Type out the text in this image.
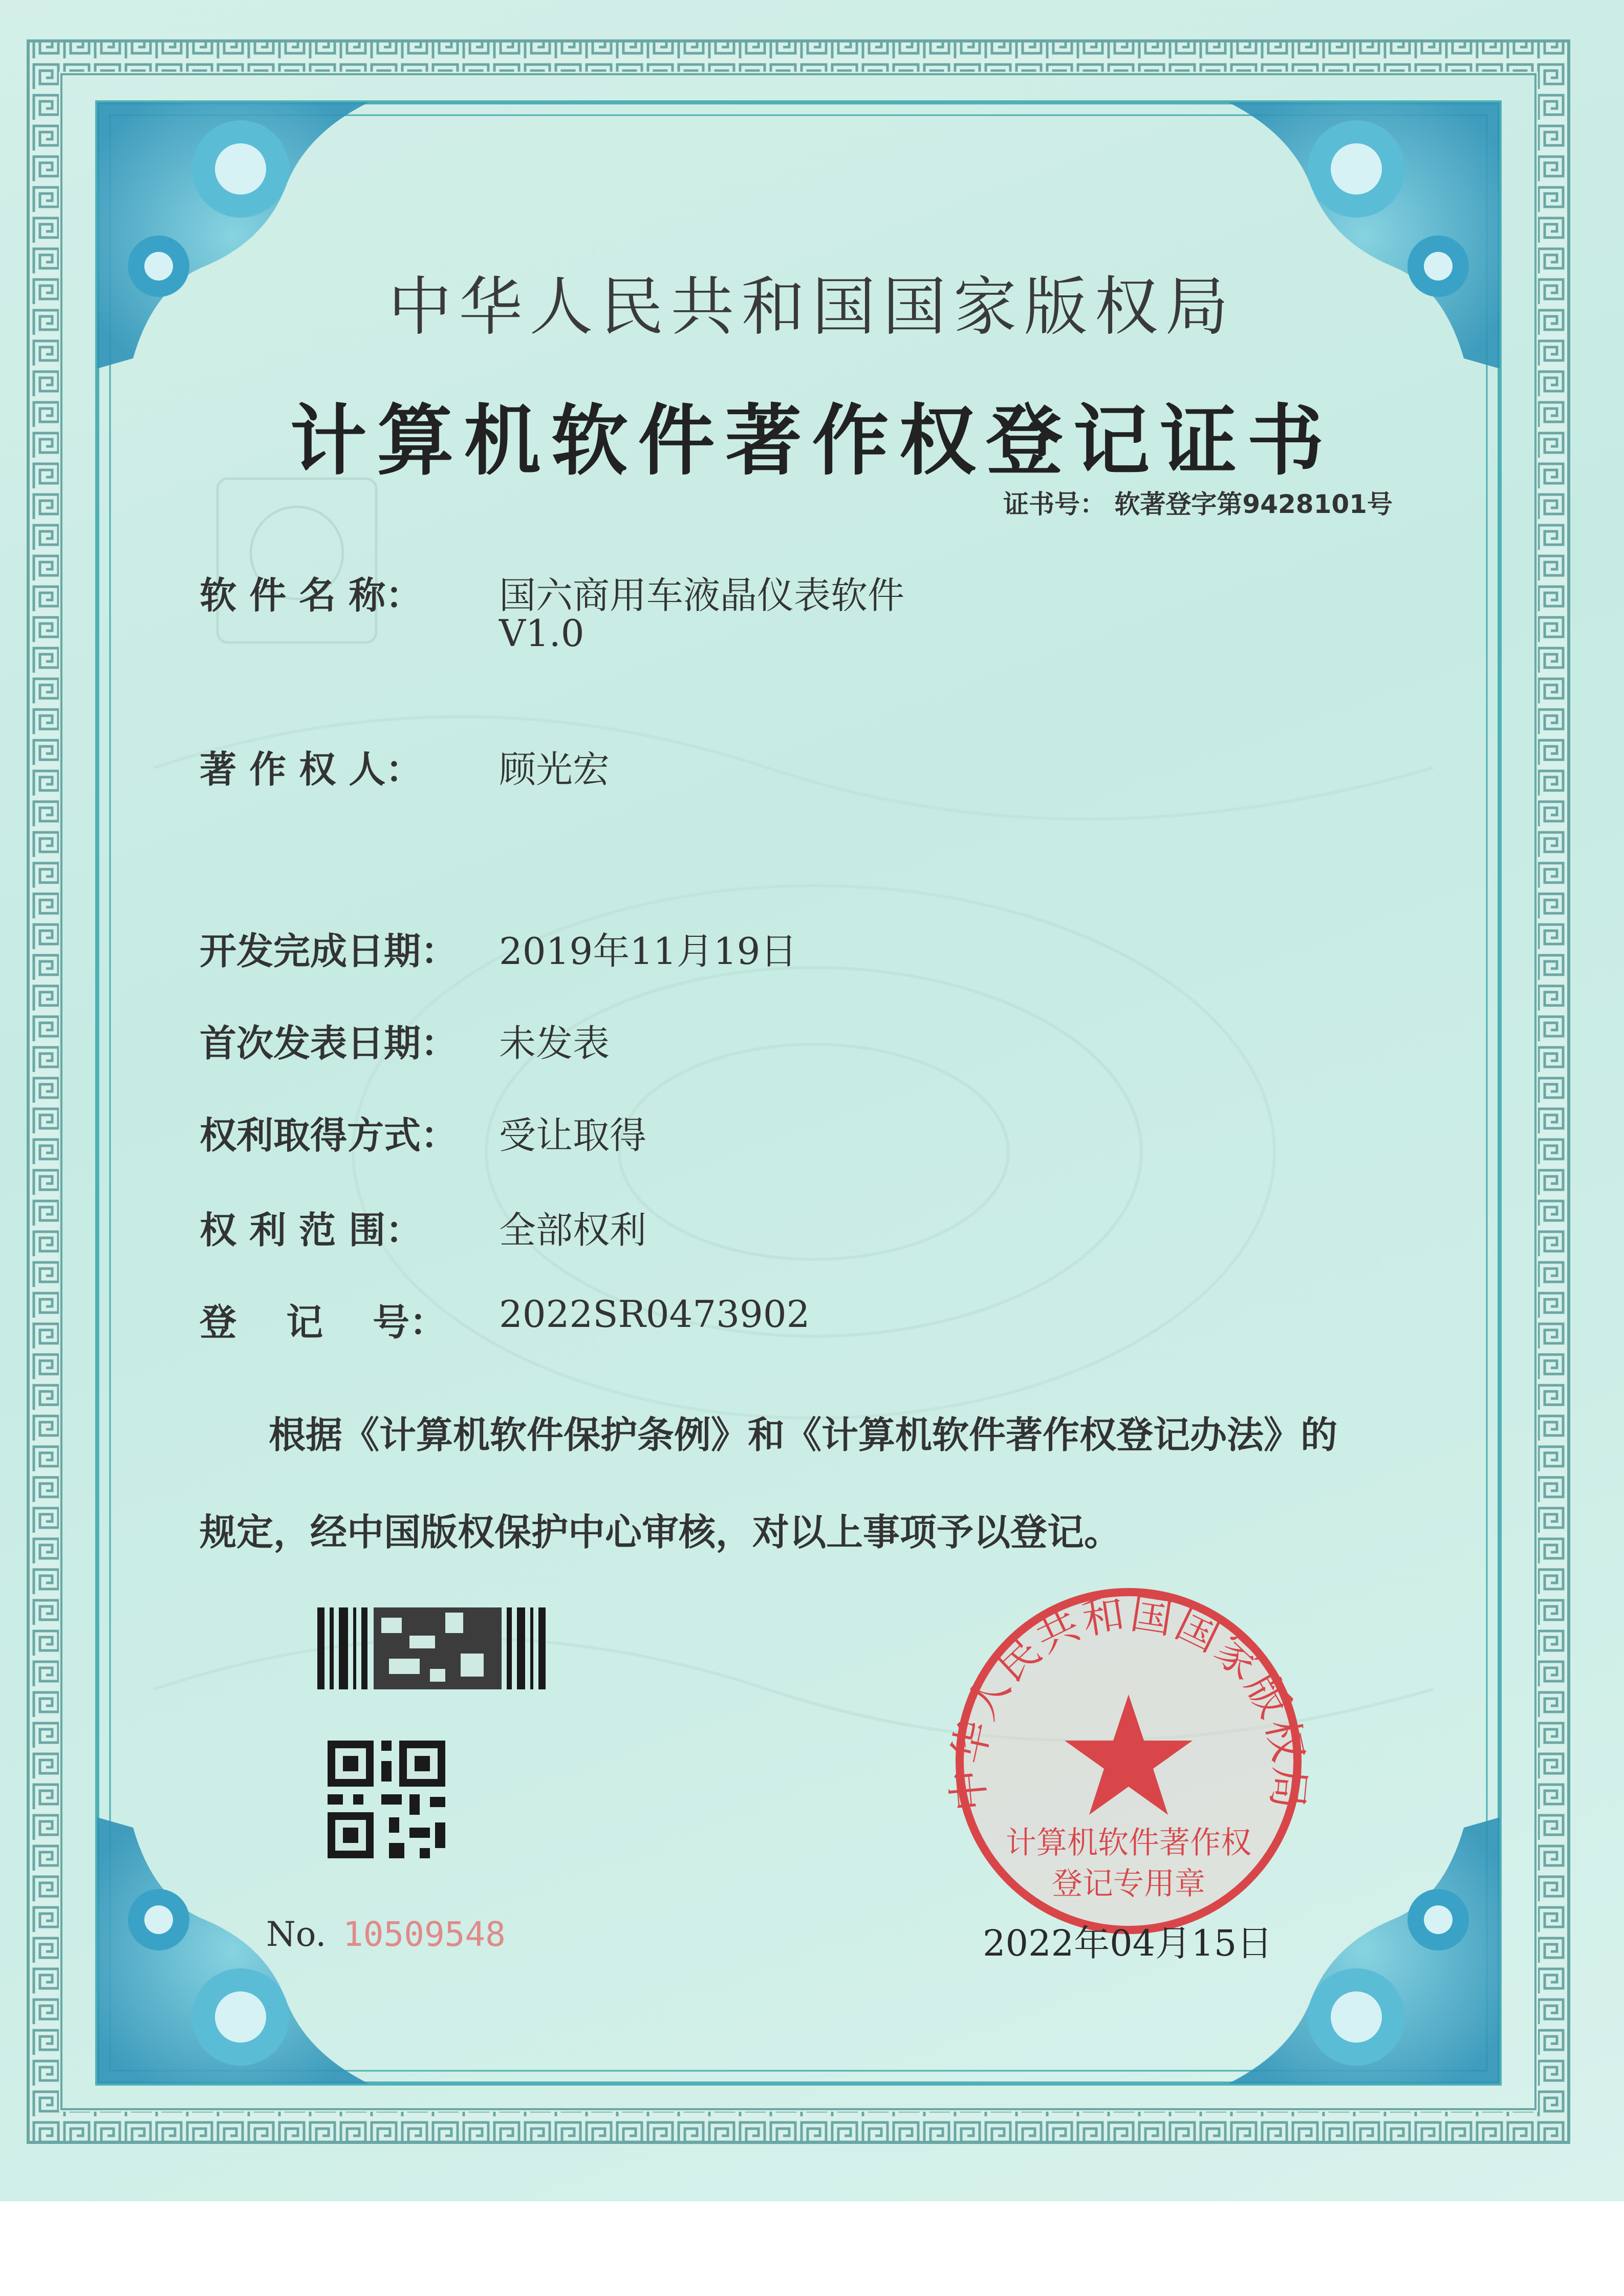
中华人民共和国国家版权局
计算机软件著作权
登记专用章
中华人民共和国国家版权局
计算机软件著作权登记证书
证书号： 软著登字第9428101号
软 件 名 称： 国六商用车液晶仪表软件
V1.0
著 作 权 人： 顾光宏
开发完成日期： 2019年11月19日
首次发表日期： 未发表
权利取得方式： 受让取得
权 利 范 围： 全部权利
登　 记　 号： 2022SR0473902
根据《计算机软件保护条例》和《计算机软件著作权登记办法》的
规定，经中国版权保护中心审核，对以上事项予以登记。
No. 10509548	2022年04月15日
